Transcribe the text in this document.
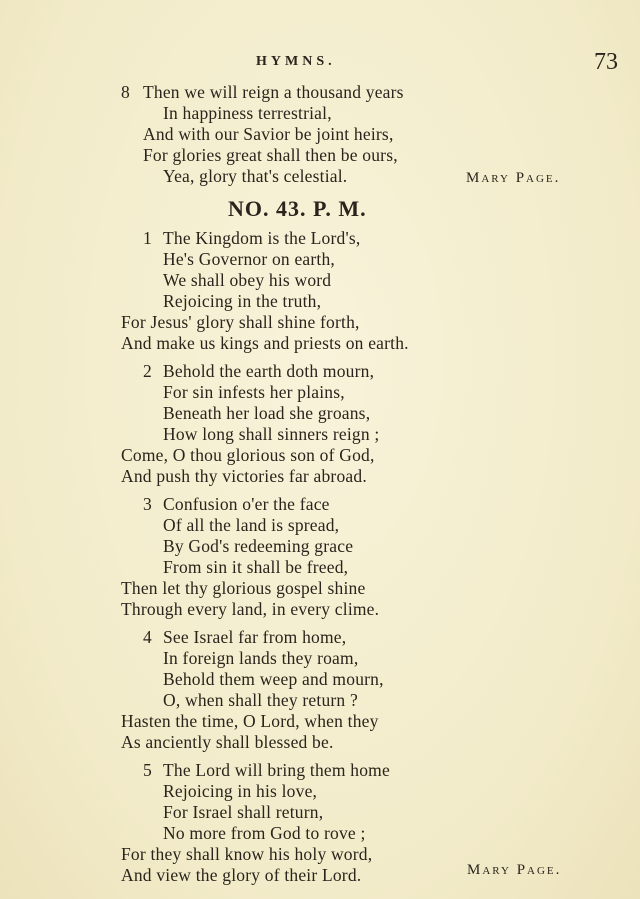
HYMNS.	73
8 Then we will reign a thousand years
In happiness terrestrial,
And with our Savior be joint heirs,
For glories great shall then be ours,
Yea, glory that's celestial.	Mary Page.
NO. 43. P. M.
1 The Kingdom is the Lord's,
He's Governor on earth,
We shall obey his word
Rejoicing in the truth,
For Jesus' glory shall shine forth,
And make us kings and priests on earth.
2 Behold the earth doth mourn,
For sin infests her plains,
Beneath her load she groans,
How long shall sinners reign ;
Come, O thou glorious son of God,
And push thy victories far abroad.
3 Confusion o'er the face
Of all the land is spread,
By God's redeeming grace
From sin it shall be freed,
Then let thy glorious gospel shine
Through every land, in every clime.
4 See Israel far from home,
In foreign lands they roam,
Behold them weep and mourn,
O, when shall they return ?
Hasten the time, O Lord, when they
As anciently shall blessed be.
5 The Lord will bring them home
Rejoicing in his love,
For Israel shall return,
No more from God to rove ;
For they shall know his holy word,
And view the glory of their Lord.	Mary Page.
